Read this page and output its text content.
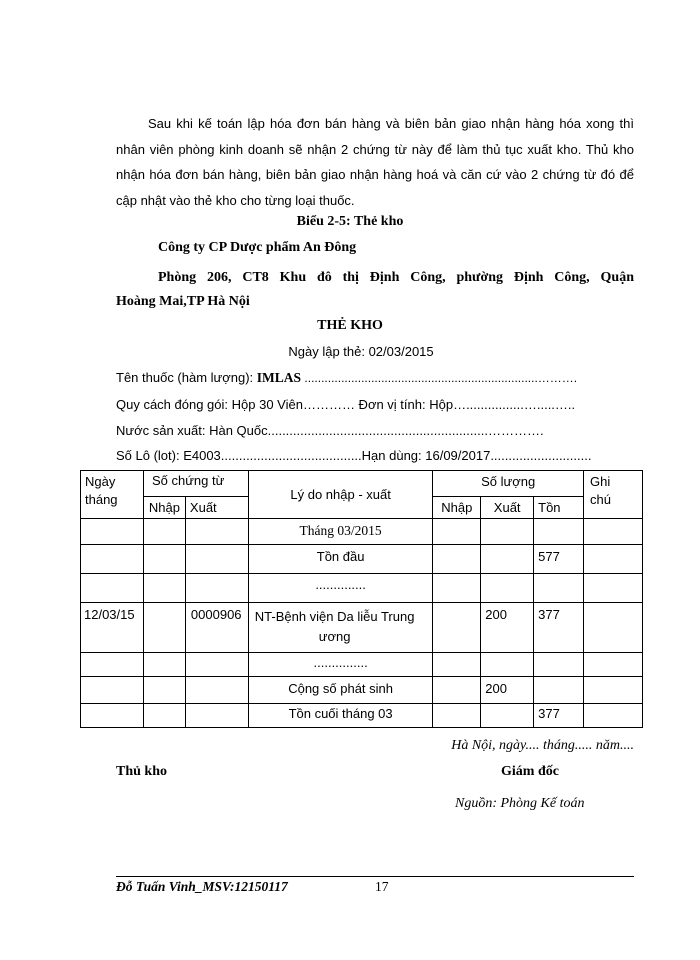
Sau khi kế toán lập hóa đơn bán hàng và biên bản giao nhận hàng hóa xong thì nhân viên phòng kinh doanh sẽ nhận 2 chứng từ này để làm thủ tục xuất kho. Thủ kho nhận hóa đơn bán hàng, biên bản giao nhận hàng hoá và căn cứ vào 2 chứng từ đó để cập nhật vào thẻ kho cho từng loại thuốc.
Biểu 2-5: Thẻ kho
Công ty CP Dược phẩm An Đông
Phòng 206, CT8 Khu đô thị Định Công, phường Định Công, Quận
Hoàng Mai,TP Hà Nội
THẺ KHO
Ngày lập thẻ: 02/03/2015
Tên thuốc (hàm lượng): IMLAS ......................................................................……….
Quy cách đóng gói: Hộp 30 Viên………… Đơn vị tính: Hộp…................….....…..
Nước sản xuất: Hàn Quốc.............................................................………….
Số Lô (lot): E4003.......................................Hạn dùng: 16/09/2017............................
Ngày tháng	Số chứng từ		Lý do nhập - xuất	Số lượng			Ghi chú

	Nhập	Xuất		Nhập	Xuất	Tồn	
			Tháng 03/2015				
			Tồn đầu			577	
			..............				
12/03/15		0000906	NT-Bệnh viện Da liễu Trung ương		200	377	
			...............				
			Cộng số phát sinh		200		
			Tồn cuối tháng 03			377	
Hà Nội, ngày.... tháng..... năm....
Thủ kho	Giám đốc
Nguồn: Phòng Kế toán
Đỗ Tuấn Vinh_MSV:12150117	17
